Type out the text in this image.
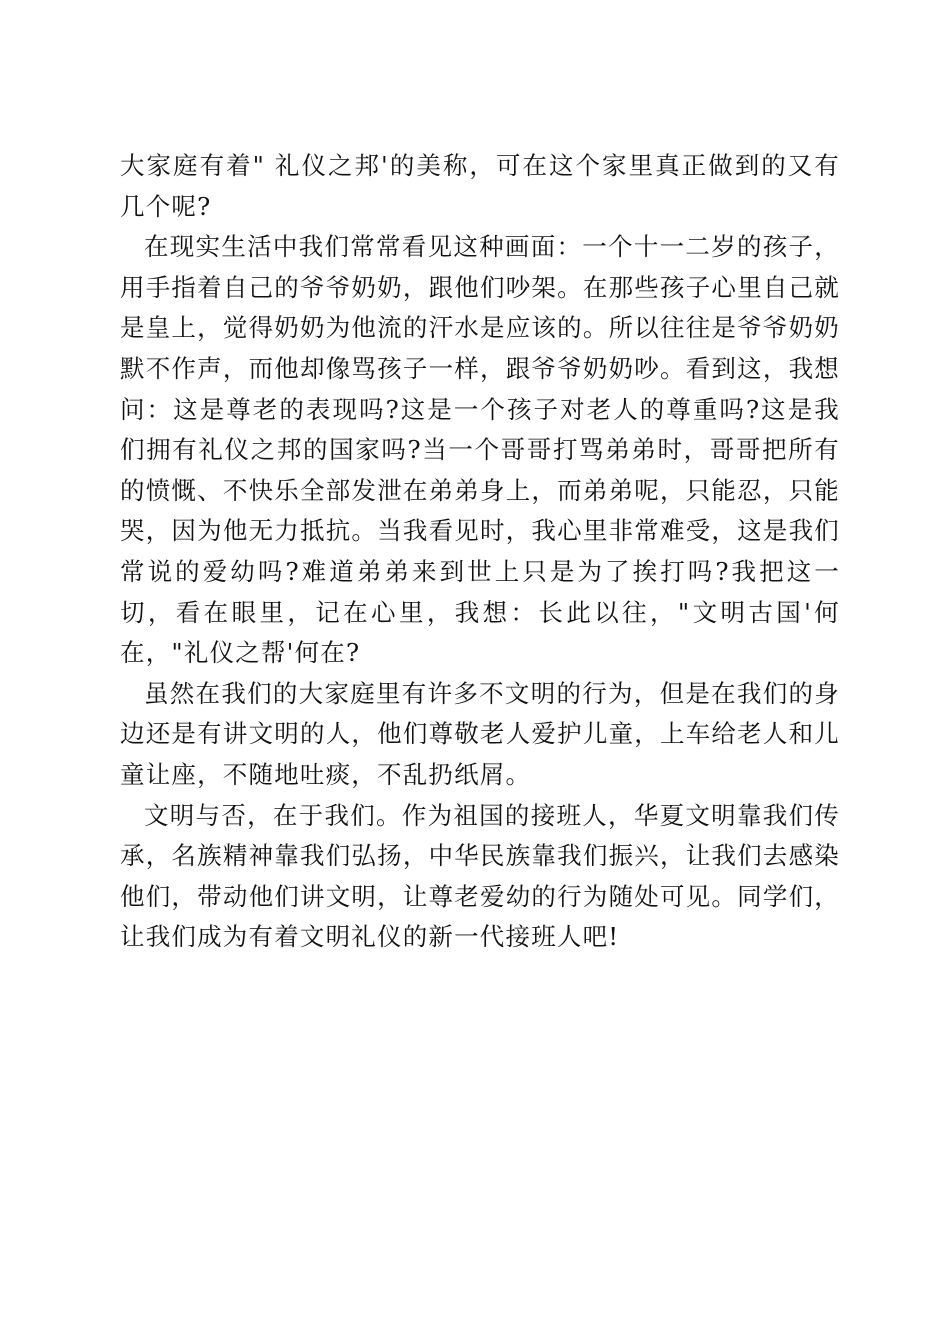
大家庭有着" 礼仪之邦'的美称，可在这个家里真正做到的又有几个呢?

在现实生活中我们常常看见这种画面：一个十一二岁的孩子，用手指着自己的爷爷奶奶，跟他们吵架。在那些孩子心里自己就是皇上，觉得奶奶为他流的汗水是应该的。所以往往是爷爷奶奶默不作声，而他却像骂孩子一样，跟爷爷奶奶吵。看到这，我想问：这是尊老的表现吗?这是一个孩子对老人的尊重吗?这是我们拥有礼仪之邦的国家吗?当一个哥哥打骂弟弟时，哥哥把所有的愤慨、不快乐全部发泄在弟弟身上，而弟弟呢，只能忍，只能哭，因为他无力抵抗。当我看见时，我心里非常难受，这是我们常说的爱幼吗?难道弟弟来到世上只是为了挨打吗?我把这一切，看在眼里，记在心里，我想：长此以往，"文明古国'何在，"礼仪之帮'何在?

虽然在我们的大家庭里有许多不文明的行为，但是在我们的身边还是有讲文明的人，他们尊敬老人爱护儿童，上车给老人和儿童让座，不随地吐痰，不乱扔纸屑。

文明与否，在于我们。作为祖国的接班人，华夏文明靠我们传承，名族精神靠我们弘扬，中华民族靠我们振兴，让我们去感染他们，带动他们讲文明，让尊老爱幼的行为随处可见。同学们，让我们成为有着文明礼仪的新一代接班人吧!
